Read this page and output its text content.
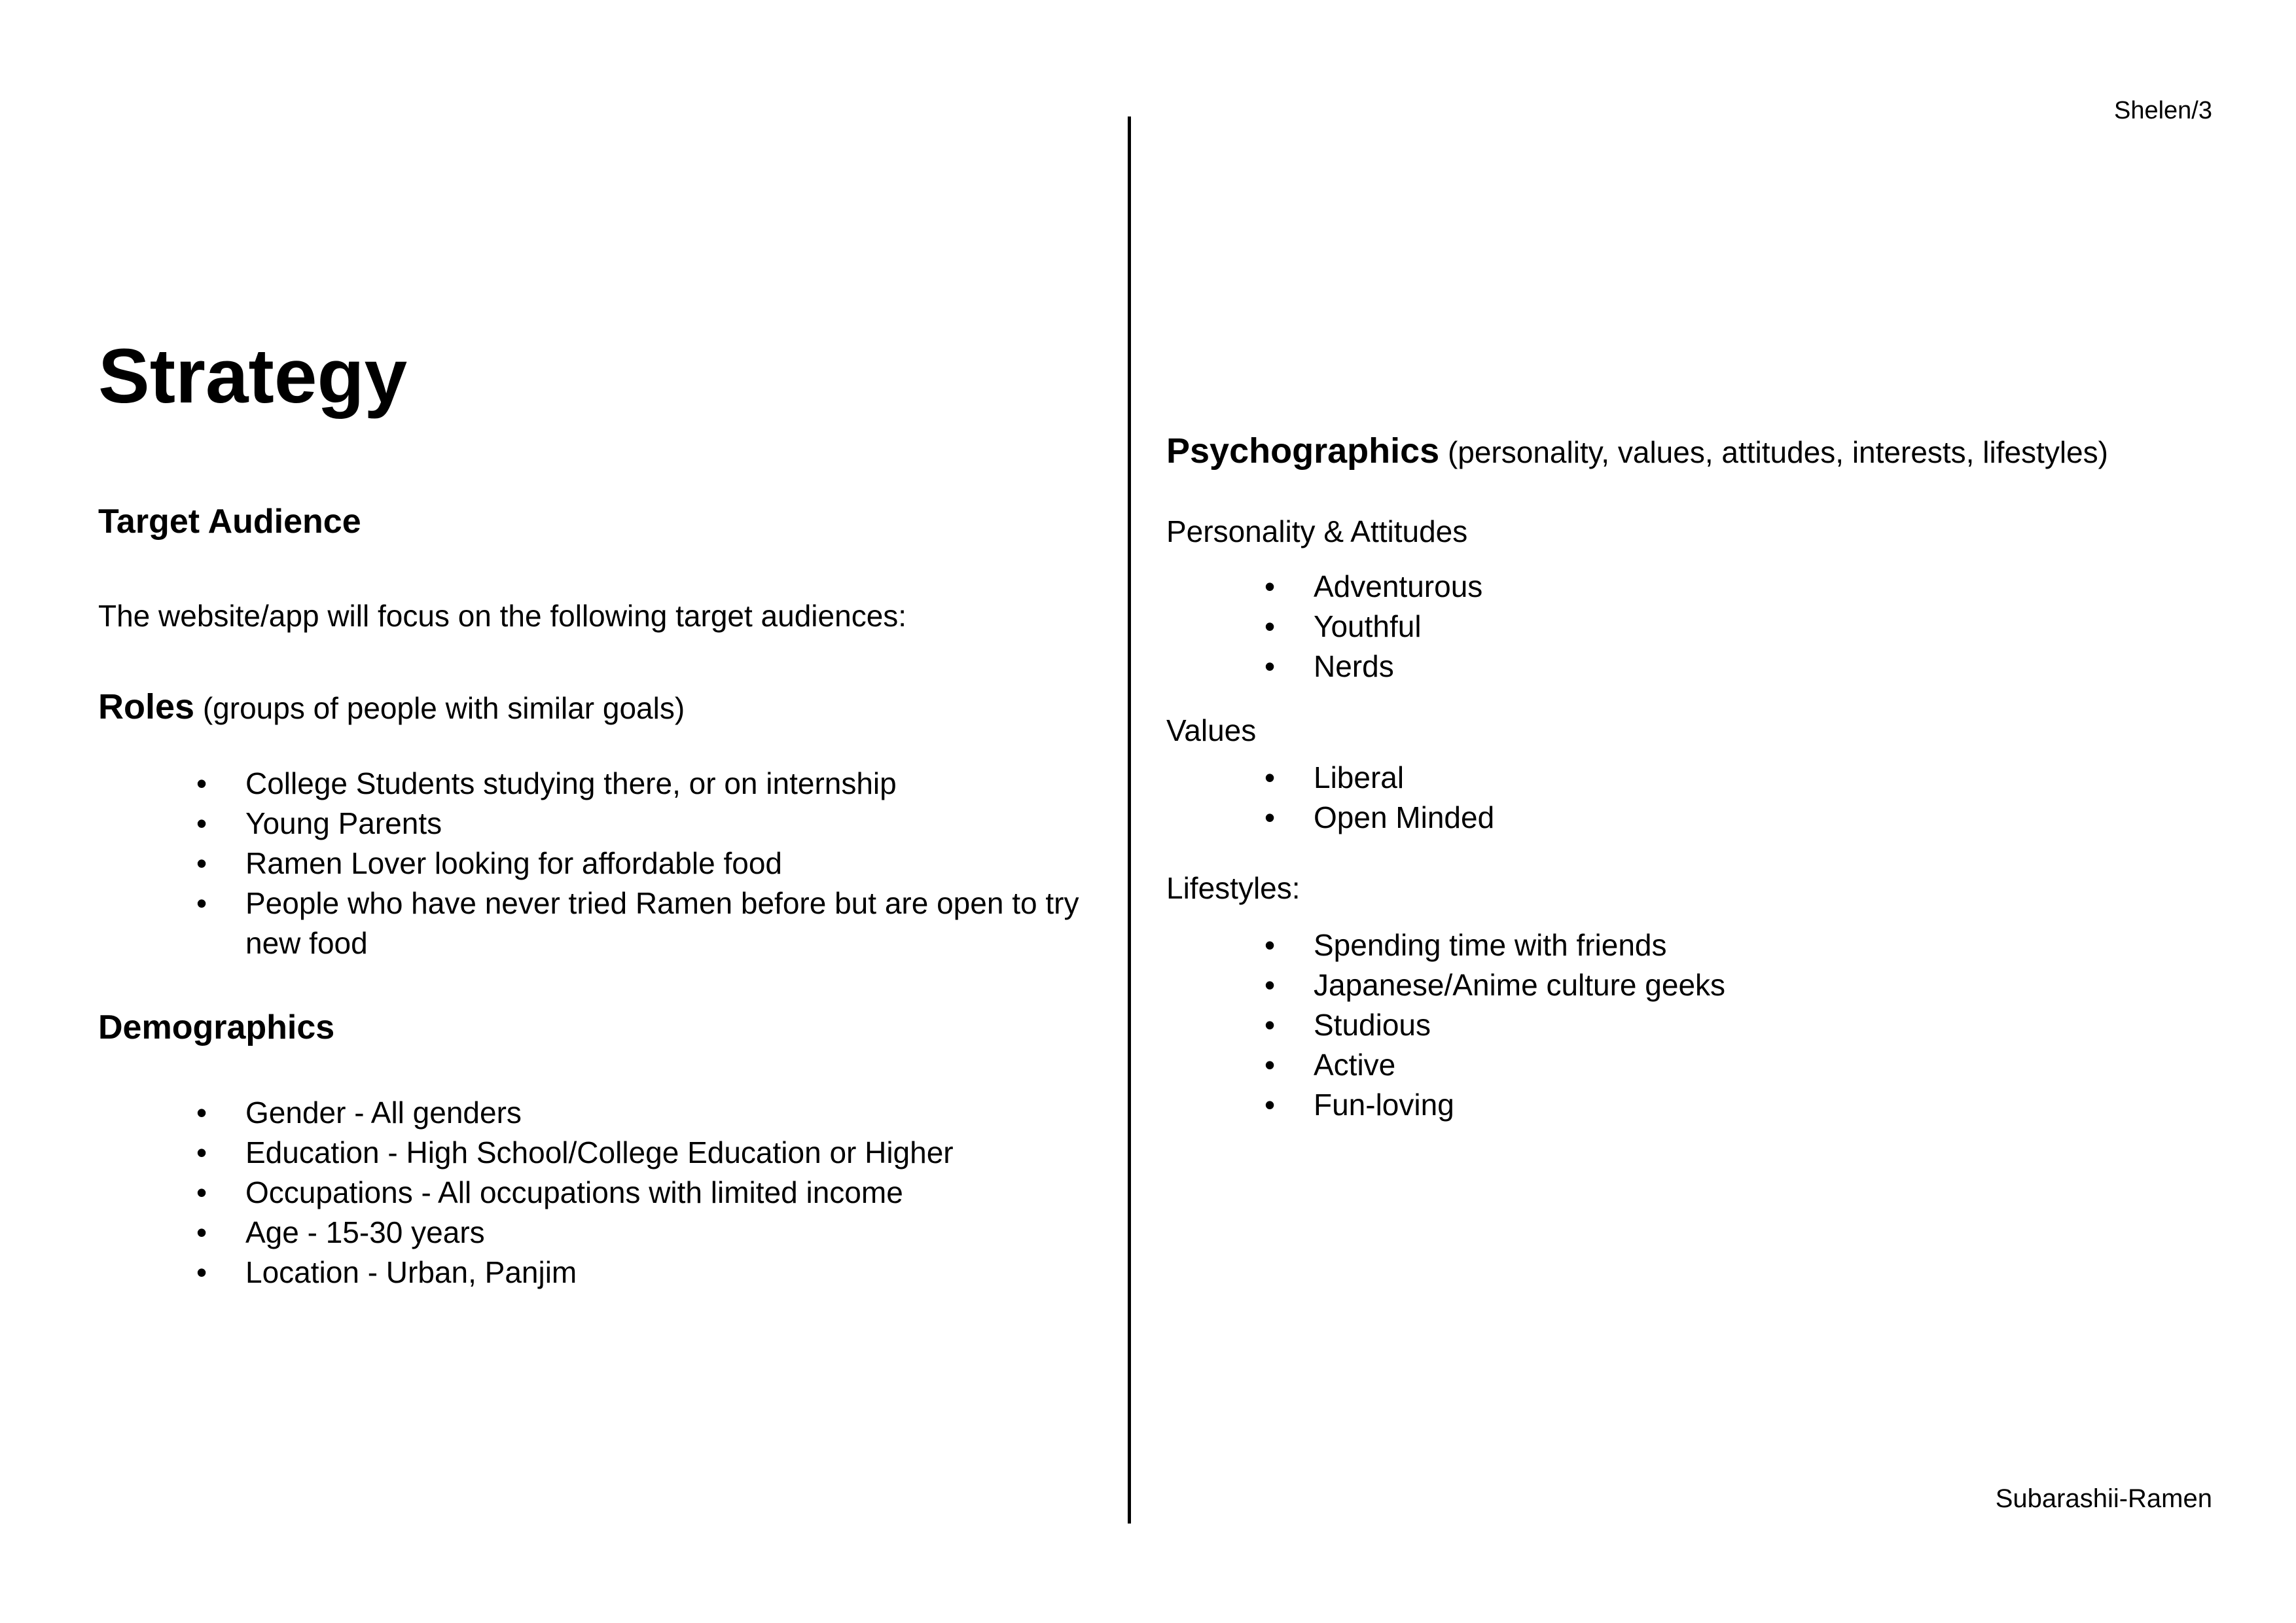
Shelen/3
Subarashii-Ramen
Strategy
Target Audience
The website/app will focus on the following target audiences:
Roles (groups of people with similar goals)
• College Students studying there, or on internship
• Young Parents
• Ramen Lover looking for affordable food
• People who have never tried Ramen before but are open to try new food
Demographics
• Gender - All genders
• Education - High School/College Education or Higher
• Occupations - All occupations with limited income
• Age - 15-30 years
• Location - Urban, Panjim
Psychographics (personality, values, attitudes, interests, lifestyles)
Personality & Attitudes
• Adventurous
• Youthful
• Nerds
Values
• Liberal
• Open Minded
Lifestyles:
• Spending time with friends
• Japanese/Anime culture geeks
• Studious
• Active
• Fun-loving
